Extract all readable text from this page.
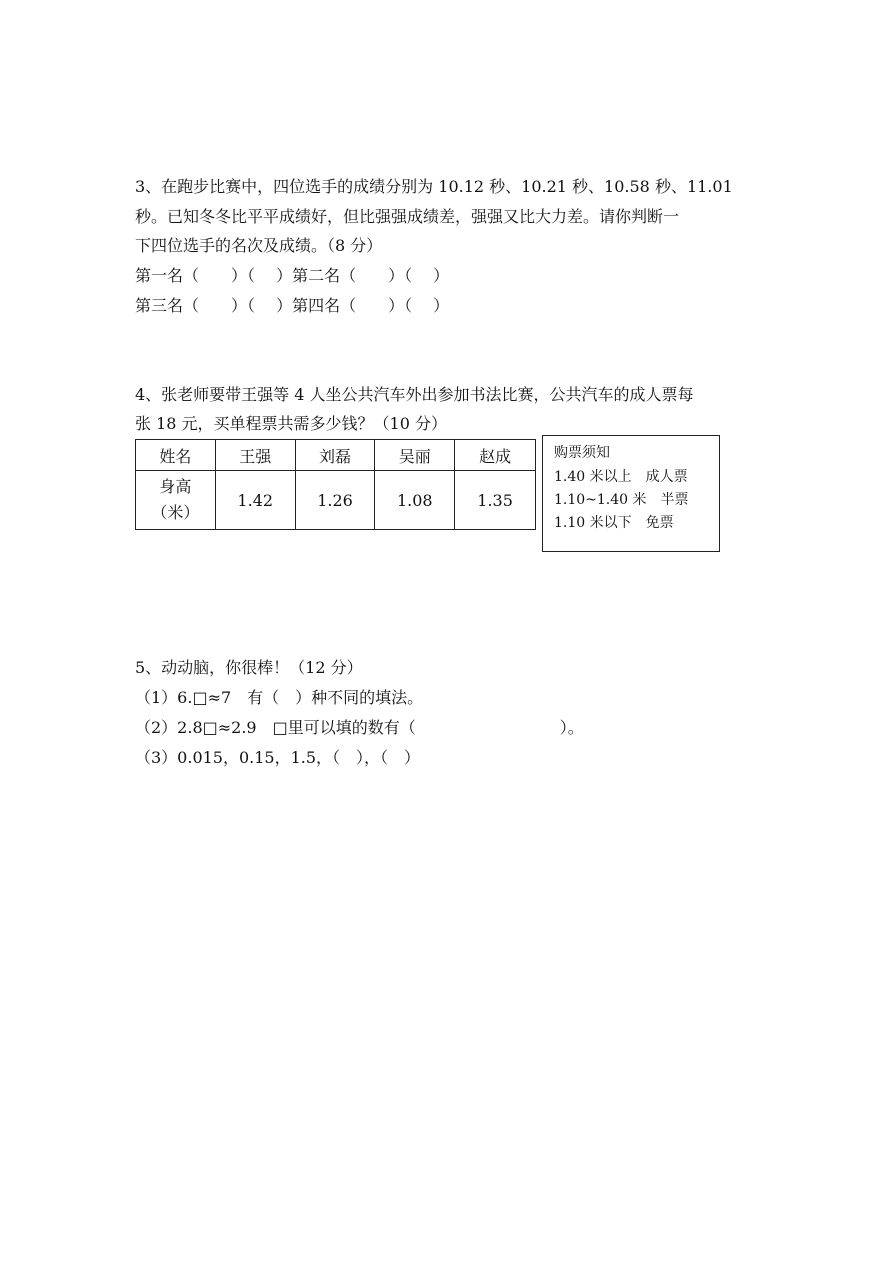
3、在跑步比赛中，四位选手的成绩分别为 10.12 秒、10.21 秒、10.58 秒、11.01
秒。已知冬冬比平平成绩好，但比强强成绩差，强强又比大力差。请你判断一
下四位选手的名次及成绩。（8 分）
第一名（　　）（　 ）第二名（　　）（　 ）
第三名（　　）（　 ）第四名（　　）（　 ）
4、张老师要带王强等 4 人坐公共汽车外出参加书法比赛，公共汽车的成人票每
张 18 元，买单程票共需多少钱？（10 分）
姓名	王强	刘磊	吴丽	赵成
身高
（米）	1.42	1.26	1.08	1.35
购票须知
1.40 米以上　成人票
1.10~1.40 米　半票
1.10 米以下　免票
5、动动脑，你很棒！（12 分）
（1）6.□≈7　有（　）种不同的填法。
（2）2.8□≈2.9　□里可以填的数有（　　　　　　　　　）。
（3）0.015，0.15，1.5，（　），（　）
